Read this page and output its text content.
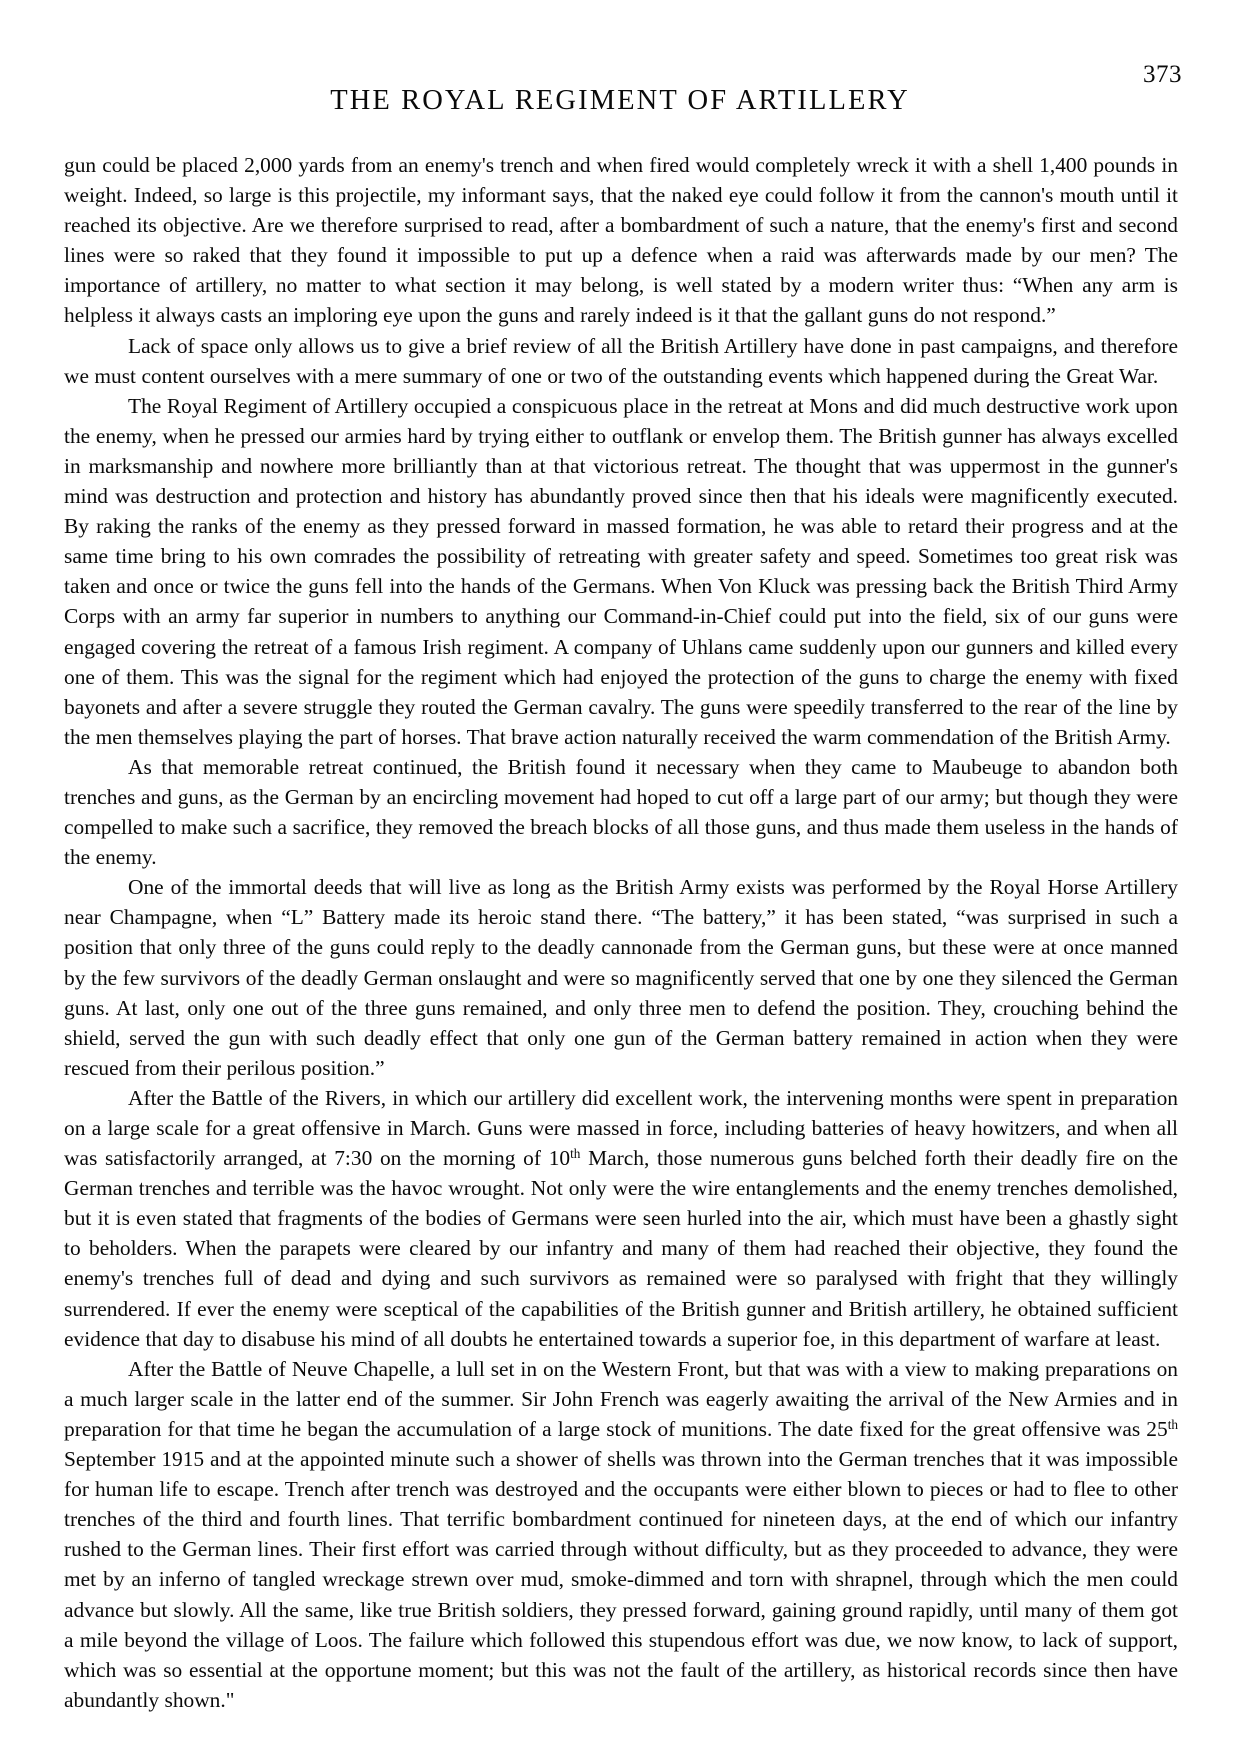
373
THE ROYAL REGIMENT OF ARTILLERY

gun could be placed 2,000 yards from an enemy's trench and when fired would completely wreck it with a shell 1,400 pounds in weight. Indeed, so large is this projectile, my informant says, that the naked eye could follow it from the cannon's mouth until it reached its objective. Are we therefore surprised to read, after a bombardment of such a nature, that the enemy's first and second lines were so raked that they found it impossible to put up a defence when a raid was afterwards made by our men? The importance of artillery, no matter to what section it may belong, is well stated by a modern writer thus: “When any arm is helpless it always casts an imploring eye upon the guns and rarely indeed is it that the gallant guns do not respond.”

Lack of space only allows us to give a brief review of all the British Artillery have done in past campaigns, and therefore we must content ourselves with a mere summary of one or two of the outstanding events which happened during the Great War.

The Royal Regiment of Artillery occupied a conspicuous place in the retreat at Mons and did much destructive work upon the enemy, when he pressed our armies hard by trying either to outflank or envelop them. The British gunner has always excelled in marksmanship and nowhere more brilliantly than at that victorious retreat. The thought that was uppermost in the gunner's mind was destruction and protection and history has abundantly proved since then that his ideals were magnificently executed. By raking the ranks of the enemy as they pressed forward in massed formation, he was able to retard their progress and at the same time bring to his own comrades the possibility of retreating with greater safety and speed. Sometimes too great risk was taken and once or twice the guns fell into the hands of the Germans. When Von Kluck was pressing back the British Third Army Corps with an army far superior in numbers to anything our Command-in-Chief could put into the field, six of our guns were engaged covering the retreat of a famous Irish regiment. A company of Uhlans came suddenly upon our gunners and killed every one of them. This was the signal for the regiment which had enjoyed the protection of the guns to charge the enemy with fixed bayonets and after a severe struggle they routed the German cavalry. The guns were speedily transferred to the rear of the line by the men themselves playing the part of horses. That brave action naturally received the warm commendation of the British Army.

As that memorable retreat continued, the British found it necessary when they came to Maubeuge to abandon both trenches and guns, as the German by an encircling movement had hoped to cut off a large part of our army; but though they were compelled to make such a sacrifice, they removed the breach blocks of all those guns, and thus made them useless in the hands of the enemy.

One of the immortal deeds that will live as long as the British Army exists was performed by the Royal Horse Artillery near Champagne, when “L” Battery made its heroic stand there. “The battery,” it has been stated, “was surprised in such a position that only three of the guns could reply to the deadly cannonade from the German guns, but these were at once manned by the few survivors of the deadly German onslaught and were so magnificently served that one by one they silenced the German guns. At last, only one out of the three guns remained, and only three men to defend the position. They, crouching behind the shield, served the gun with such deadly effect that only one gun of the German battery remained in action when they were rescued from their perilous position.”

After the Battle of the Rivers, in which our artillery did excellent work, the intervening months were spent in preparation on a large scale for a great offensive in March. Guns were massed in force, including batteries of heavy howitzers, and when all was satisfactorily arranged, at 7:30 on the morning of 10th March, those numerous guns belched forth their deadly fire on the German trenches and terrible was the havoc wrought. Not only were the wire entanglements and the enemy trenches demolished, but it is even stated that fragments of the bodies of Germans were seen hurled into the air, which must have been a ghastly sight to beholders. When the parapets were cleared by our infantry and many of them had reached their objective, they found the enemy's trenches full of dead and dying and such survivors as remained were so paralysed with fright that they willingly surrendered. If ever the enemy were sceptical of the capabilities of the British gunner and British artillery, he obtained sufficient evidence that day to disabuse his mind of all doubts he entertained towards a superior foe, in this department of warfare at least.

After the Battle of Neuve Chapelle, a lull set in on the Western Front, but that was with a view to making preparations on a much larger scale in the latter end of the summer. Sir John French was eagerly awaiting the arrival of the New Armies and in preparation for that time he began the accumulation of a large stock of munitions. The date fixed for the great offensive was 25th September 1915 and at the appointed minute such a shower of shells was thrown into the German trenches that it was impossible for human life to escape. Trench after trench was destroyed and the occupants were either blown to pieces or had to flee to other trenches of the third and fourth lines. That terrific bombardment continued for nineteen days, at the end of which our infantry rushed to the German lines. Their first effort was carried through without difficulty, but as they proceeded to advance, they were met by an inferno of tangled wreckage strewn over mud, smoke-dimmed and torn with shrapnel, through which the men could advance but slowly. All the same, like true British soldiers, they pressed forward, gaining ground rapidly, until many of them got a mile beyond the village of Loos. The failure which followed this stupendous effort was due, we now know, to lack of support, which was so essential at the opportune moment; but this was not the fault of the artillery, as historical records since then have abundantly shown."
